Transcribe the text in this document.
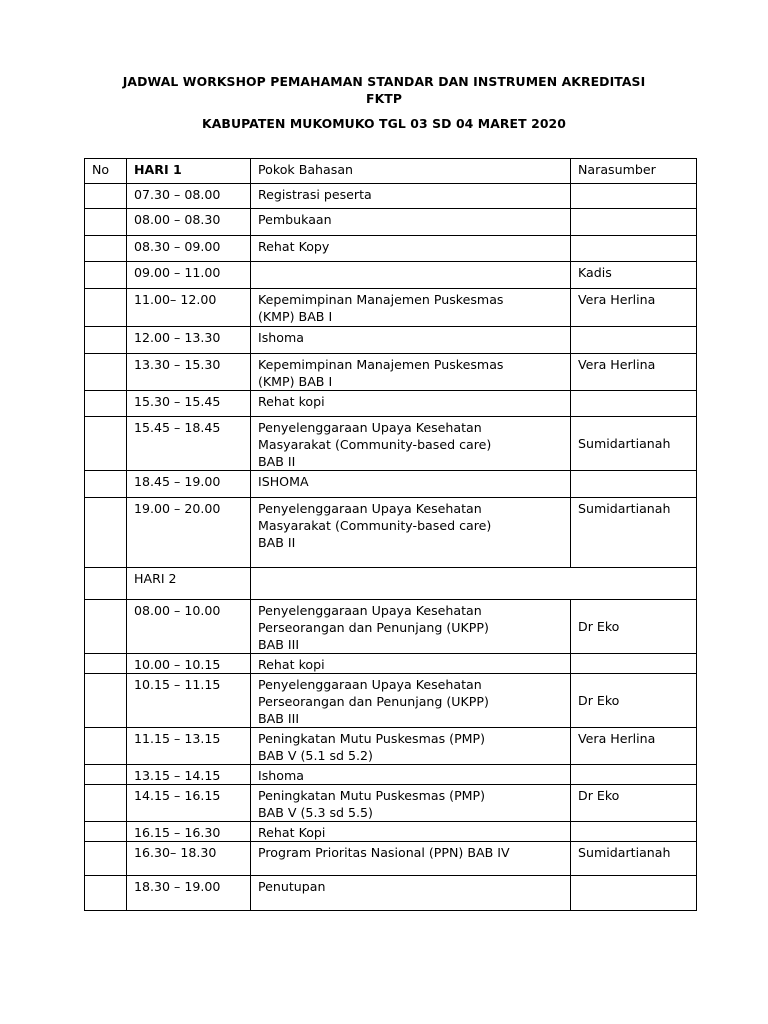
JADWAL WORKSHOP PEMAHAMAN STANDAR DAN INSTRUMEN AKREDITASI
FKTP
KABUPATEN MUKOMUKO TGL 03 SD 04 MARET 2020
No	HARI 1	Pokok Bahasan	Narasumber
	07.30 – 08.00	Registrasi peserta	
	08.00 – 08.30	Pembukaan	
	08.30 – 09.00	Rehat Kopy	
	09.00 – 11.00		Kadis
	11.00– 12.00	Kepemimpinan Manajemen Puskesmas
(KMP) BAB I	Vera Herlina
	12.00 – 13.30	Ishoma	
	13.30 – 15.30	Kepemimpinan Manajemen Puskesmas
(KMP) BAB I	Vera Herlina
	15.30 – 15.45	Rehat kopi	
	15.45 – 18.45	Penyelenggaraan Upaya Kesehatan
Masyarakat (Community-based care)
BAB II	Sumidartianah
	18.45 – 19.00	ISHOMA	
	19.00 – 20.00	Penyelenggaraan Upaya Kesehatan
Masyarakat (Community-based care)
BAB II	Sumidartianah
	HARI 2		
	08.00 – 10.00	Penyelenggaraan Upaya Kesehatan
Perseorangan dan Penunjang (UKPP)
BAB III	Dr Eko
	10.00 – 10.15	Rehat kopi	
	10.15 – 11.15	Penyelenggaraan Upaya Kesehatan
Perseorangan dan Penunjang (UKPP)
BAB III	Dr Eko
	11.15 – 13.15	Peningkatan Mutu Puskesmas (PMP)
BAB V (5.1 sd 5.2)	Vera Herlina
	13.15 – 14.15	Ishoma	
	14.15 – 16.15	Peningkatan Mutu Puskesmas (PMP)
BAB V (5.3 sd 5.5)	Dr Eko
	16.15 – 16.30	Rehat Kopi	
	16.30– 18.30	Program Prioritas Nasional (PPN) BAB IV	Sumidartianah
	18.30 – 19.00	Penutupan	
